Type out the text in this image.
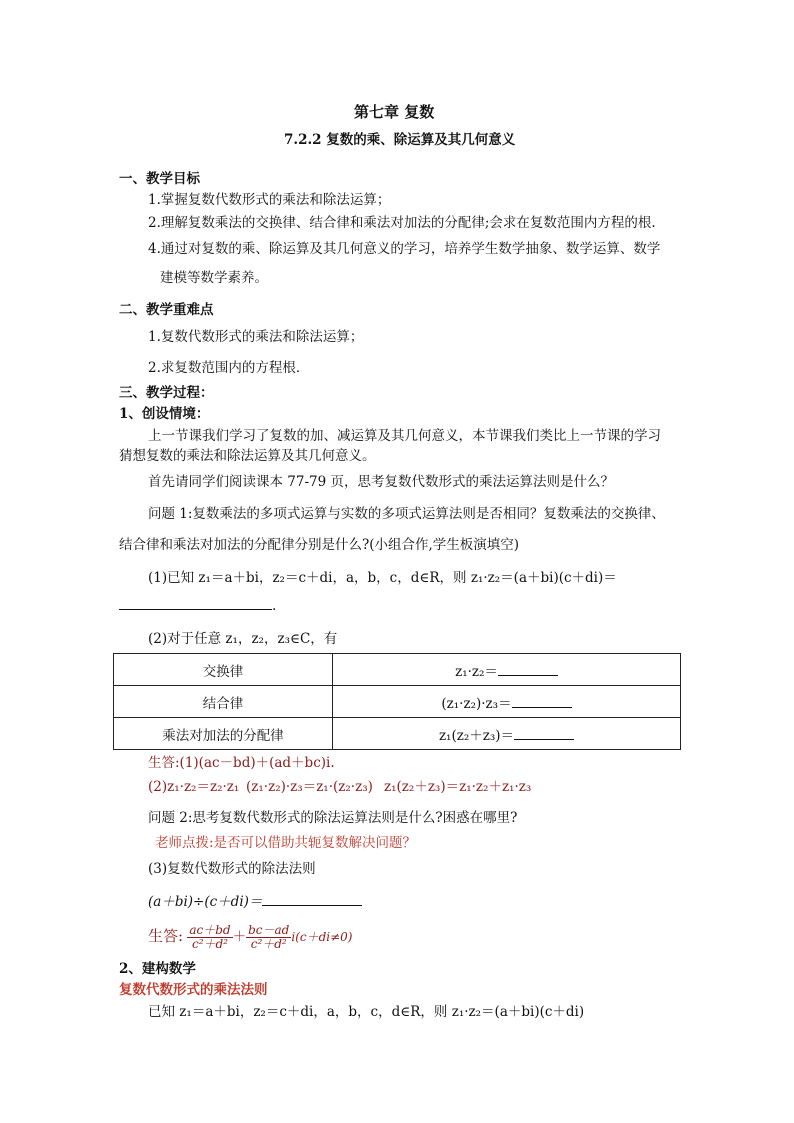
第七章 复数
7.2.2 复数的乘、除运算及其几何意义
一、教学目标
1.掌握复数代数形式的乘法和除法运算；
2.理解复数乘法的交换律、结合律和乘法对加法的分配律;会求在复数范围内方程的根.
4.通过对复数的乘、除运算及其几何意义的学习，培养学生数学抽象、数学运算、数学
建模等数学素养。
二、教学重难点
1.复数代数形式的乘法和除法运算；
2.求复数范围内的方程根．
三、教学过程：
1、创设情境：
上一节课我们学习了复数的加、减运算及其几何意义，本节课我们类比上一节课的学习
猜想复数的乘法和除法运算及其几何意义。
首先请同学们阅读课本 77-79 页，思考复数代数形式的乘法运算法则是什么？
问题 1:复数乘法的多项式运算与实数的多项式运算法则是否相同？复数乘法的交换律、
结合律和乘法对加法的分配律分别是什么?(小组合作,学生板演填空)
(1)已知 z₁＝a＋bi，z₂＝c＋di，a，b，c，d∈R，则 z₁·z₂＝(a＋bi)(c＋di)＝
.
(2)对于任意 z₁，z₂，z₃∈C，有
交换律	z₁·z₂＝
结合律	(z₁·z₂)·z₃＝
乘法对加法的分配律	z₁(z₂＋z₃)＝
生答:(1)(ac－bd)＋(ad＋bc)i.
(2)z₁·z₂＝z₂·z₁ (z₁·z₂)·z₃＝z₁·(z₂·z₃) z₁(z₂＋z₃)＝z₁·z₂＋z₁·z₃
问题 2:思考复数代数形式的除法运算法则是什么?困惑在哪里?
老师点拨:是否可以借助共轭复数解决问题？
(3)复数代数形式的除法法则
(a＋bi)÷(c＋di)＝
生答: $\frac{ac+bd}{\text{c²＋d²}} + \frac{bc-ad}{\text{c²＋d²}} i(c+di\ne 0)$
2、建构数学
复数代数形式的乘法法则
已知 z₁＝a＋bi，z₂＝c＋di，a，b，c，d∈R，则 z₁·z₂＝(a＋bi)(c＋di)
